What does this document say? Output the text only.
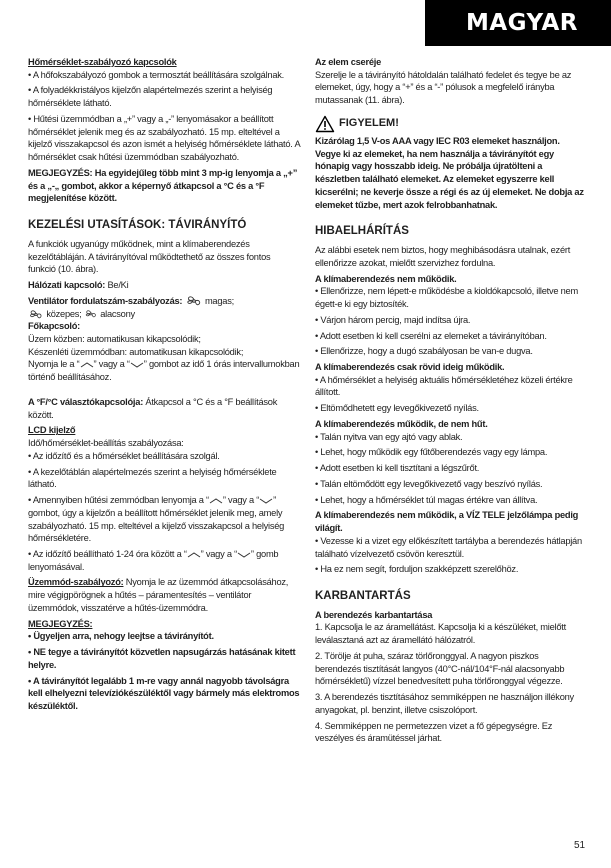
MAGYAR

Hőmérséklet-szabályozó kapcsolók

• A hőfokszabályozó gombok a termosztát beállítására szolgálnak.

• A folyadékkristályos kijelzőn alapértelmezés szerint a helyiség hőmérséklete látható.

• Hűtési üzemmódban a „+” vagy a „-” lenyomásakor a beállított hőmérséklet jelenik meg és az szabályozható. 15 mp. elteltével a kijelző visszakapcsol és azon ismét a helyiség hőmérséklete látható. A hőmérséklet csak hűtési üzemmódban szabályozható.

MEGJEGYZÉS: Ha egyidejűleg több mint 3 mp-ig lenyomja a „+” és a „-„ gombot, akkor a képernyő átkapcsol a °C és a °F megjelenítése között.

KEZELÉSI UTASÍTÁSOK: TÁVIRÁNYÍTÓ

A funkciók ugyanúgy működnek, mint a klímaberendezés kezelőtábláján. A távirányítóval működtethető az összes fontos funkció (10. ábra).

Hálózati kapcsoló: Be/Ki

Ventilátor fordulatszám-szabályozás:  magas;

közepes;  alacsony

Főkapcsoló:

Üzem közben: automatikusan kikapcsolódik;

Készenléti üzemmódban: automatikusan kikapcsolódik;

Nyomja le a “ ” vagy a “ ” gombot az idő 1 órás intervallumokban történő beállításához.

A °F/°C választókapcsolója: Átkapcsol a °C és a °F beállítások között.

LCD kijelző

Idő/hőmérséklet-beállítás szabályozása:

• Az időzítő és a hőmérséklet beállítására szolgál.

• A kezelőtáblán alapértelmezés szerint a helyiség hőmérséklete látható.

• Amennyiben hűtési zemmódban lenyomja a “ ” vagy a “ ” gombot, úgy a kijelzőn a beállított hőmérséklet jelenik meg, amely szabályozható. 15 mp. elteltével a kijelző visszakapcsol a helyiség hőmérsékletére.

• Az időzítő beállítható 1-24 óra között a “ ” vagy a “ ” gomb lenyomásával.

Üzemmód-szabályozó: Nyomja le az üzemmód átkapcsolásához, mire végigpörögnek a hűtés – páramentesítés – ventilátor üzemmódok, visszatérve a hűtés-üzemmódra.

MEGJEGYZÉS:

• Ügyeljen arra, nehogy leejtse a távirányítót.

• NE tegye a távirányítót közvetlen napsugárzás hatásának kitett helyre.

• A távirányítót legalább 1 m-re vagy annál nagyobb távolságra kell elhelyezni televíziókészüléktől vagy bármely más elektromos készüléktől.

Az elem cseréje

Szerelje le a távirányító hátoldalán található fedelet és tegye be az elemeket, úgy, hogy a “+” és a “-” pólusok a megfelelő irányba mutassanak (11. ábra).

FIGYELEM!

Kizárólag 1,5 V-os AAA vagy IEC R03 elemeket használjon. Vegye ki az elemeket, ha nem használja a távirányítót egy hónapig vagy hosszabb ideig. Ne próbálja újratölteni a készletben található elemeket. Az elemeket egyszerre kell kicserélni; ne keverje össze a régi és az új elemeket. Ne dobja az elemeket tűzbe, mert azok felrobbanhatnak.

HIBAELHÁRÍTÁS

Az alábbi esetek nem biztos, hogy meghibásodásra utalnak, ezért ellenőrizze azokat, mielőtt szervizhez fordulna.

A klímaberendezés nem működik.

• Ellenőrizze, nem lépett-e működésbe a kioldókapcsoló, illetve nem égett-e ki egy biztosíték.

• Várjon három percig, majd indítsa újra.

• Adott esetben ki kell cserélni az elemeket a távirányítóban.

• Ellenőrizze, hogy a dugó szabályosan be van-e dugva.

A klímaberendezés csak rövid ideig működik.

• A hőmérséklet a helyiség aktuális hőmérsékletéhez közeli értékre állított.

• Eltömődhetett egy levegőkivezető nyílás.

A klímaberendezés működik, de nem hűt.

• Talán nyitva van egy ajtó vagy ablak.

• Lehet, hogy működik egy fűtőberendezés vagy egy lámpa.

• Adott esetben ki kell tisztítani a légszűrőt.

• Talán eltömődött egy levegőkivezető vagy beszívó nyílás.

• Lehet, hogy a hőmérséklet túl magas értékre van állítva.

A klímaberendezés nem működik, a VÍZ TELE jelzőlámpa pedig világít.

• Vezesse ki a vizet egy előkészített tartályba a berendezés hátlapján található vízelvezető csövön keresztül.

• Ha ez nem segít, forduljon szakképzett szerelőhöz.

KARBANTARTÁS

A berendezés karbantartása

1. Kapcsolja le az áramellátást. Kapcsolja ki a készüléket, mielőtt leválasztaná azt az áramellátó hálózatról.

2. Törölje át puha, száraz törlőronggyal. A nagyon piszkos berendezés tisztítását langyos (40°C-nál/104°F-nál alacsonyabb hőmérsékletű) vízzel benedvesített puha törlőronggyal végezze.

3. A berendezés tisztításához semmiképpen ne használjon illékony anyagokat, pl. benzint, illetve csiszolóport.

4. Semmiképpen ne permetezzen vizet a fő gépegységre. Ez veszélyes és áramütéssel járhat.

51
